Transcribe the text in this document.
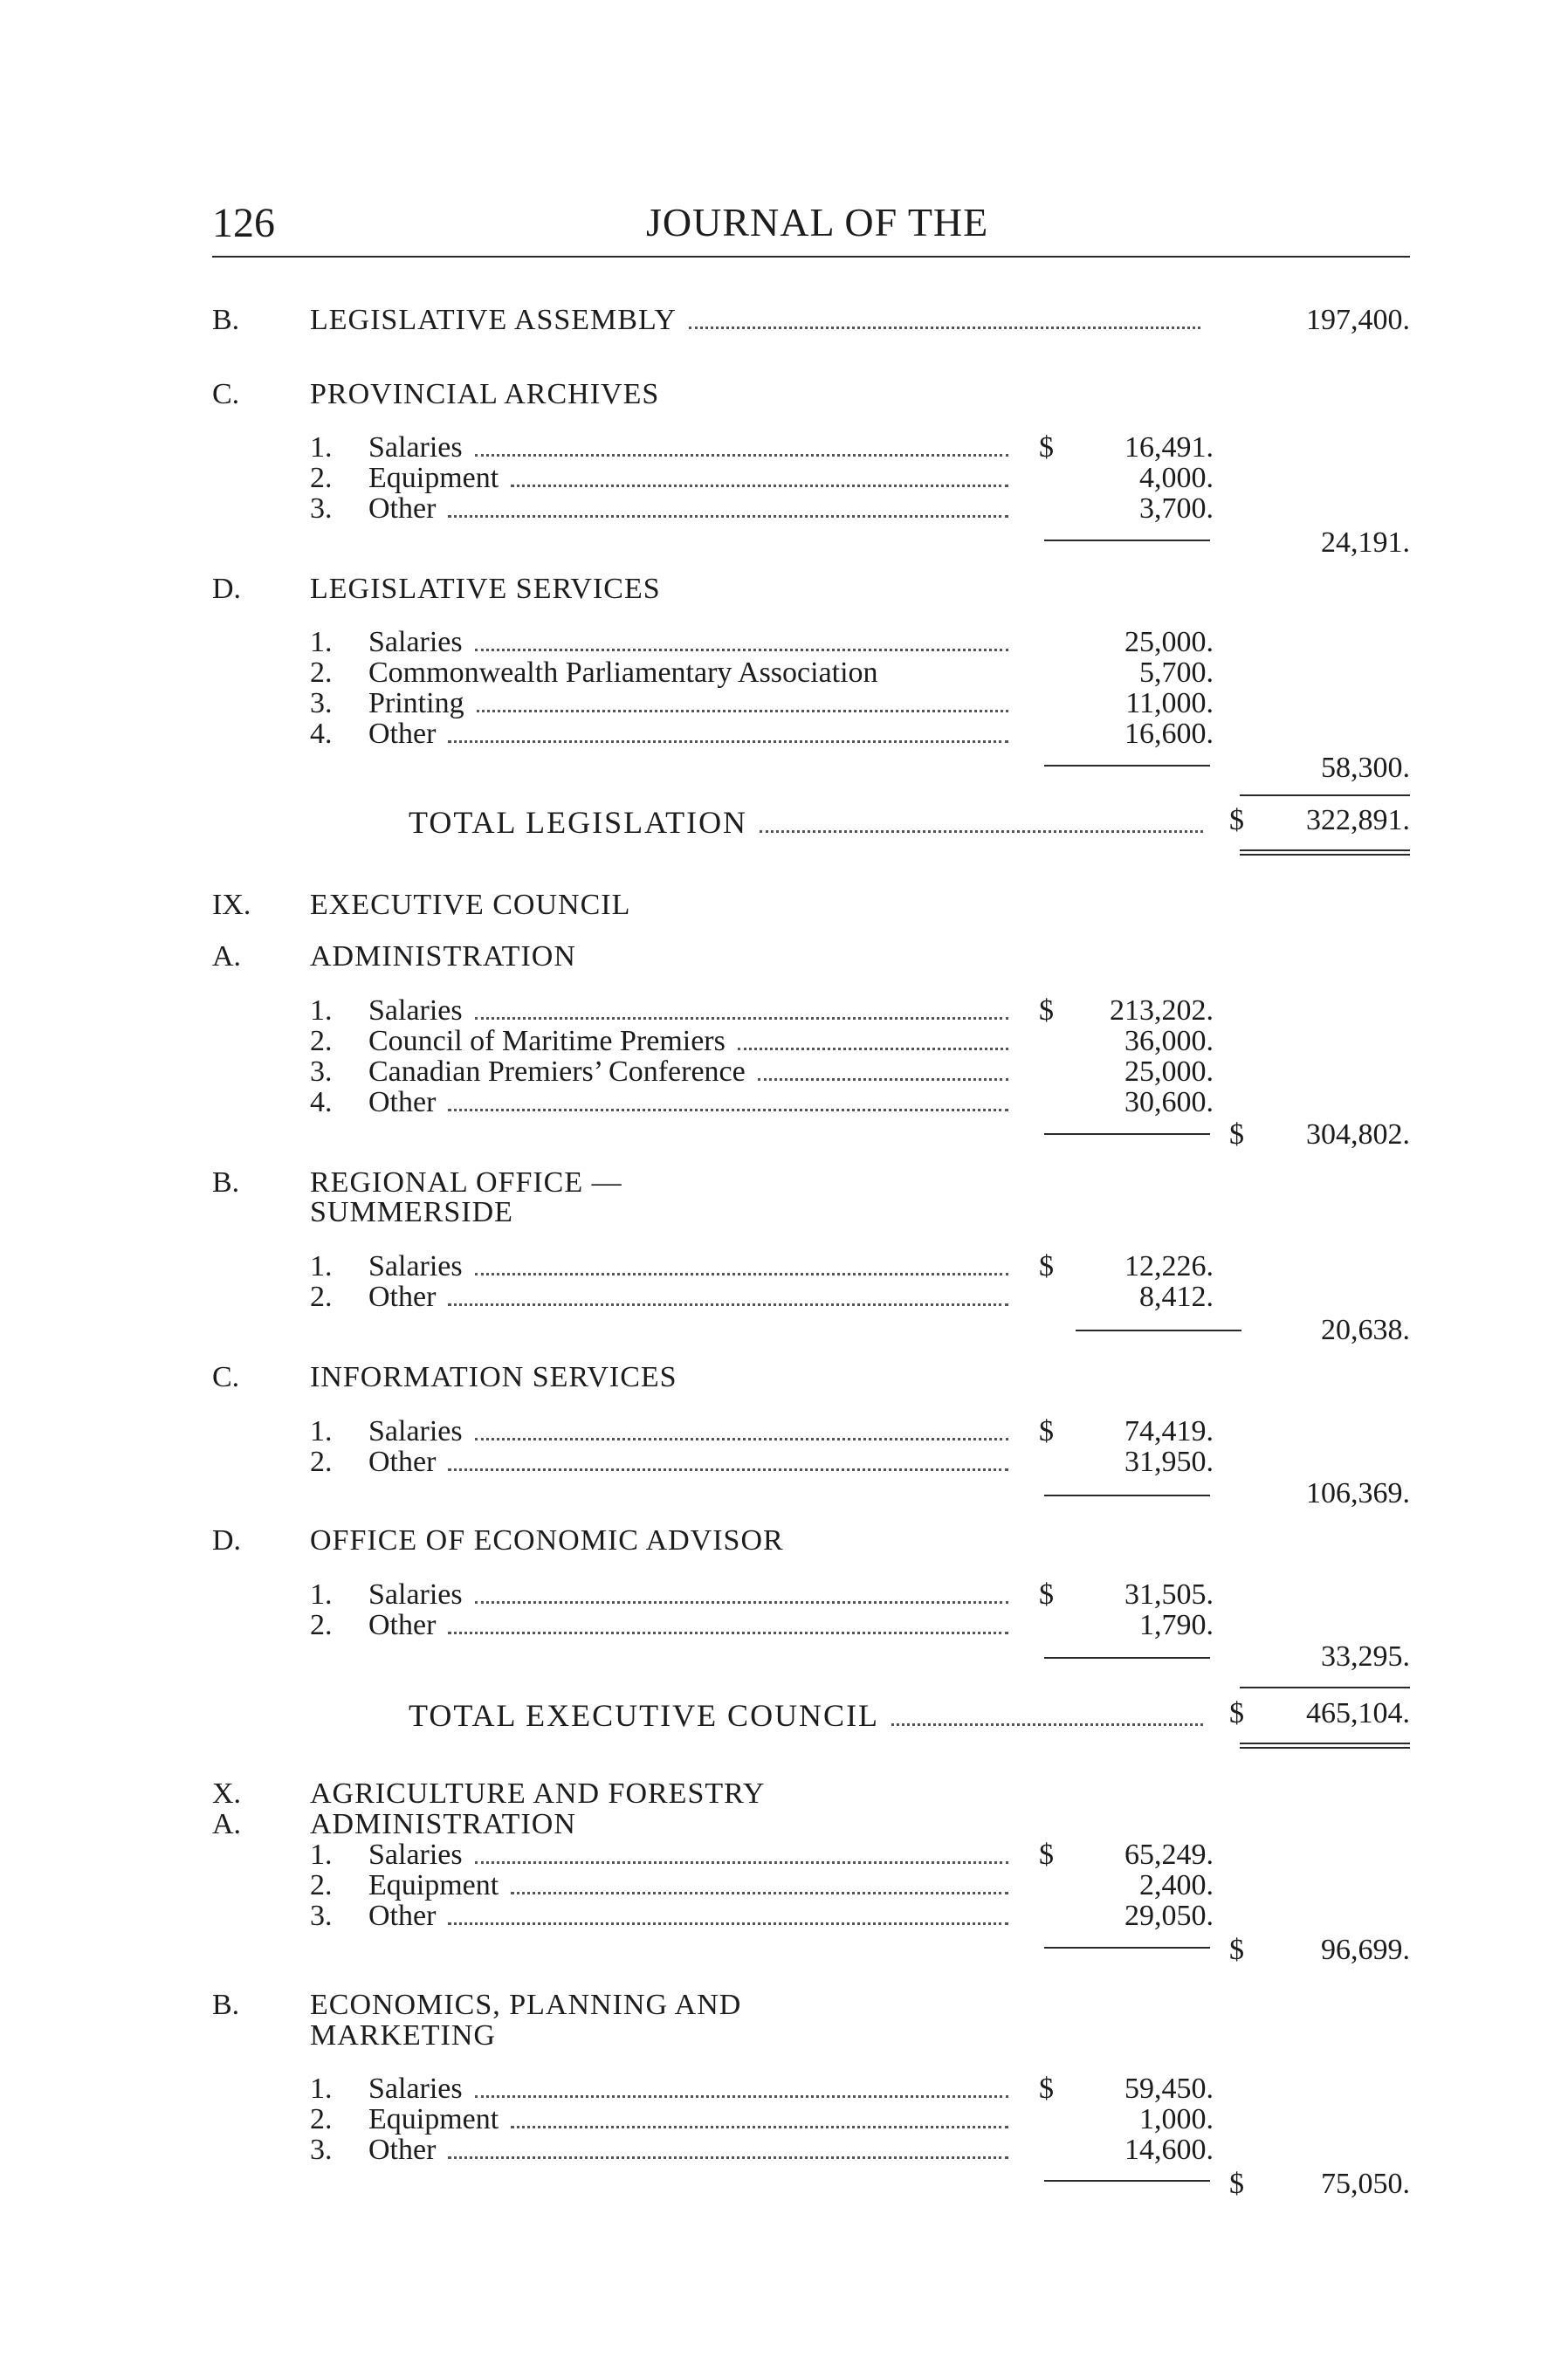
126	JOURNAL OF THE
B. LEGISLATIVE ASSEMBLY	197,400.
C. PROVINCIAL ARCHIVES
1.	Salaries	$	16,491.
2.	Equipment	4,000.
3.	Other	3,700.
24,191.
D. LEGISLATIVE SERVICES
1.	Salaries	25,000.
2.	Commonwealth Parliamentary Association	5,700.
3.	Printing	11,000.
4.	Other	16,600.
58,300.
TOTAL LEGISLATION	$	322,891.
IX. EXECUTIVE COUNCIL
A. ADMINISTRATION
1.	Salaries	$	213,202.
2.	Council of Maritime Premiers	36,000.
3.	Canadian Premiers’ Conference	25,000.
4.	Other	30,600.
$	304,802.
B. REGIONAL OFFICE —
SUMMERSIDE
1.	Salaries	$	12,226.
2.	Other	8,412.
20,638.
C. INFORMATION SERVICES
1.	Salaries	$	74,419.
2.	Other	31,950.
106,369.
D. OFFICE OF ECONOMIC ADVISOR
1.	Salaries	$	31,505.
2.	Other	1,790.
33,295.
TOTAL EXECUTIVE COUNCIL	$	465,104.
X. AGRICULTURE AND FORESTRY
A. ADMINISTRATION
1.	Salaries	$	65,249.
2.	Equipment	2,400.
3.	Other	29,050.
$	96,699.
B. ECONOMICS, PLANNING AND
MARKETING
1.	Salaries	$	59,450.
2.	Equipment	1,000.
3.	Other	14,600.
$	75,050.
